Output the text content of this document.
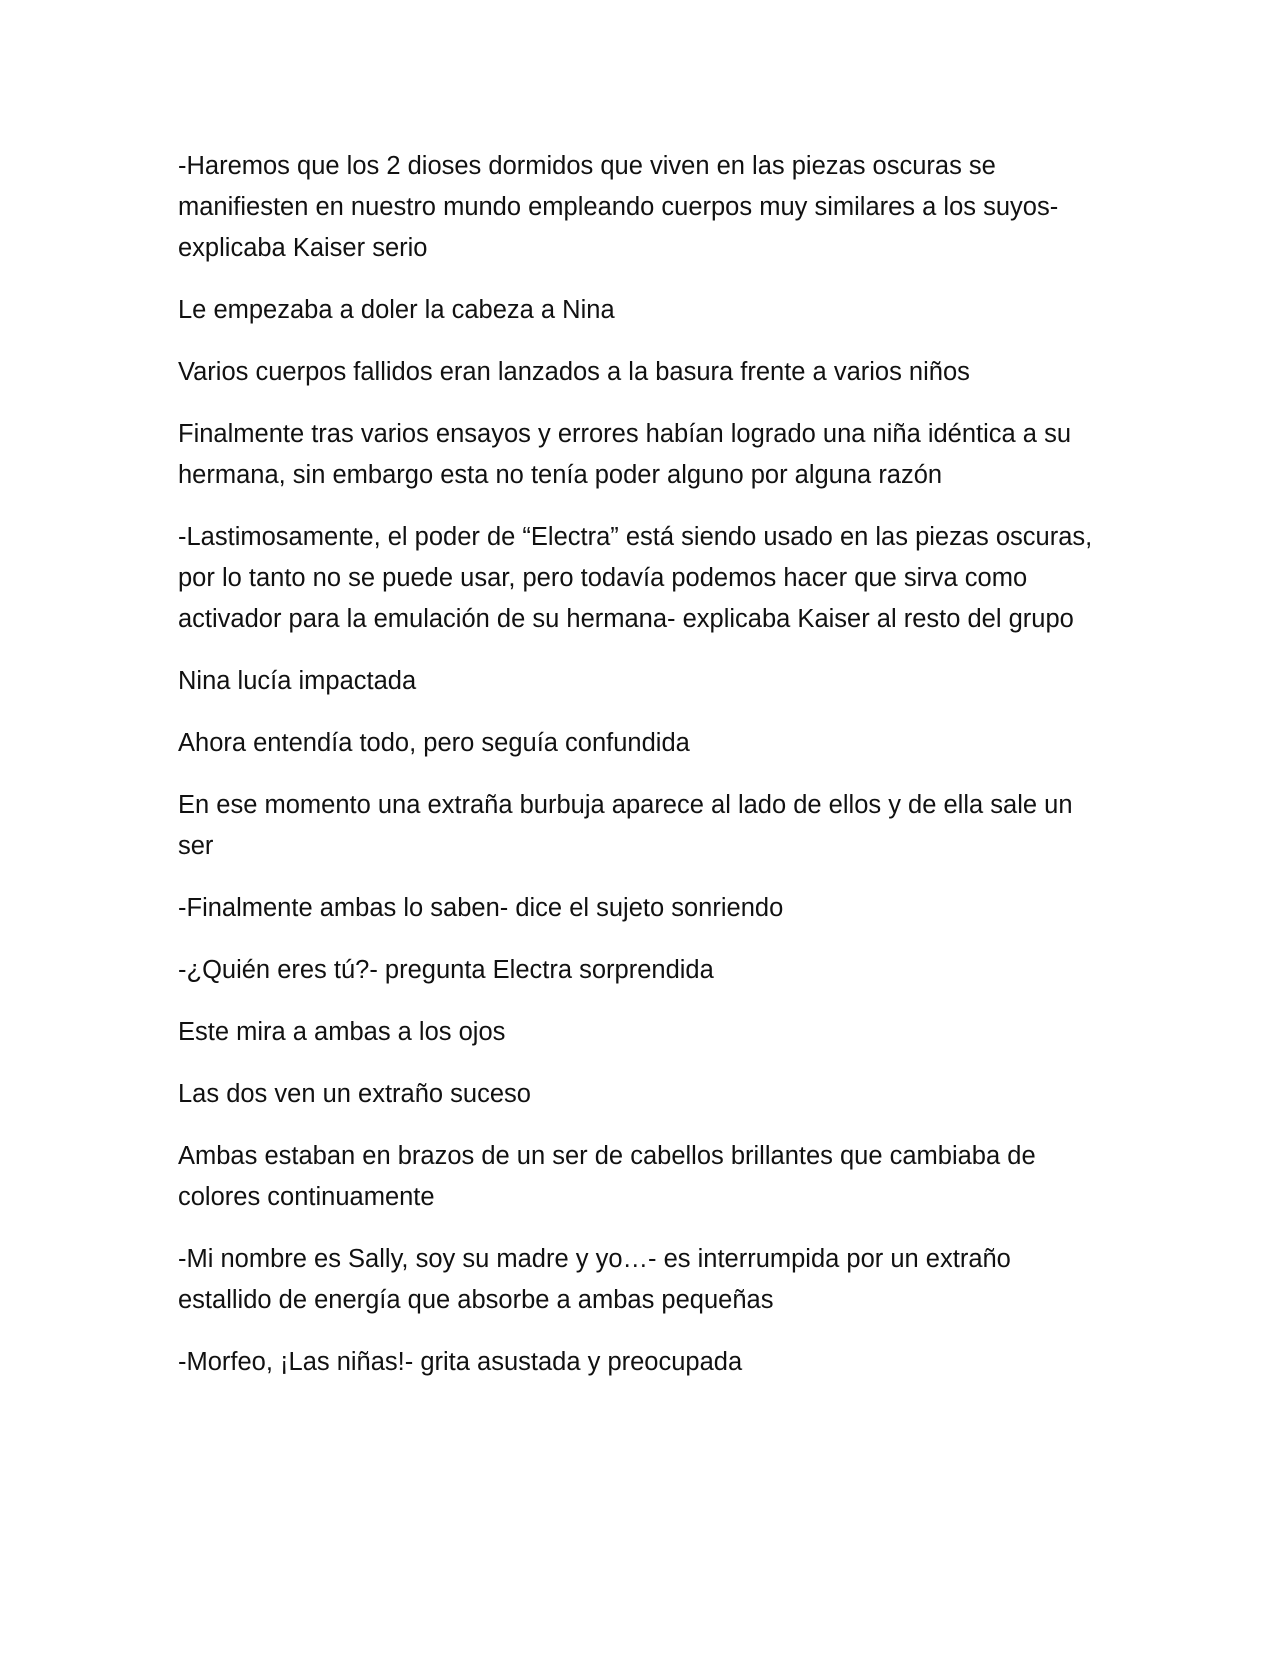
-Haremos que los 2 dioses dormidos que viven en las piezas oscuras se manifiesten en nuestro mundo empleando cuerpos muy similares a los suyos- explicaba Kaiser serio

Le empezaba a doler la cabeza a Nina

Varios cuerpos fallidos eran lanzados a la basura frente a varios niños

Finalmente tras varios ensayos y errores habían logrado una niña idéntica a su hermana, sin embargo esta no tenía poder alguno por alguna razón

-Lastimosamente, el poder de “Electra” está siendo usado en las piezas oscuras, por lo tanto no se puede usar, pero todavía podemos hacer que sirva como activador para la emulación de su hermana- explicaba Kaiser al resto del grupo

Nina lucía impactada

Ahora entendía todo, pero seguía confundida

En ese momento una extraña burbuja aparece al lado de ellos y de ella sale un ser

-Finalmente ambas lo saben- dice el sujeto sonriendo

-¿Quién eres tú?- pregunta Electra sorprendida

Este mira a ambas a los ojos

Las dos ven un extraño suceso

Ambas estaban en brazos de un ser de cabellos brillantes que cambiaba de colores continuamente

-Mi nombre es Sally, soy su madre y yo…- es interrumpida por un extraño estallido de energía que absorbe a ambas pequeñas

-Morfeo, ¡Las niñas!- grita asustada y preocupada
